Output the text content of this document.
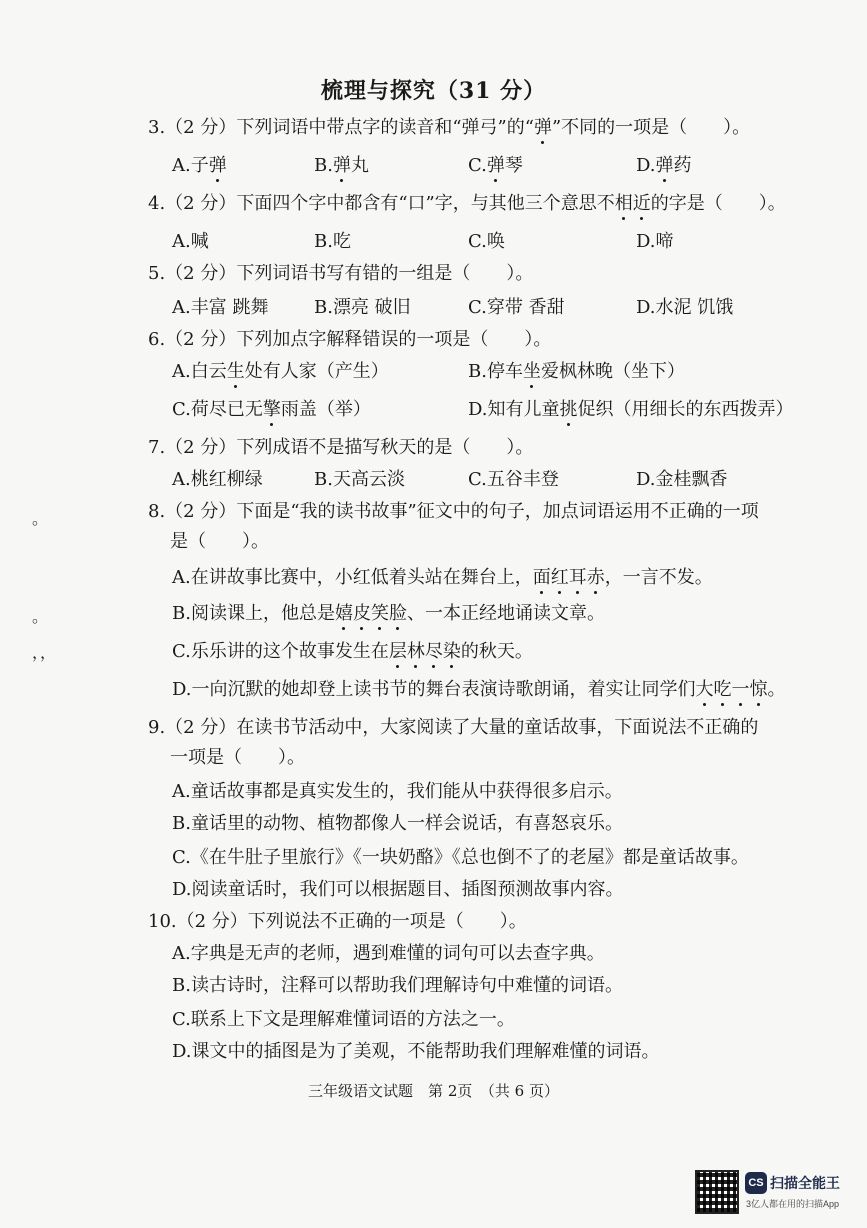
梳理与探究（31 分）
3.（2 分）下列词语中带点字的读音和“弹弓”的“弹”不同的一项是（　　）。
A.子弹	B.弹丸	C.弹琴	D.弹药
4.（2 分）下面四个字中都含有“口”字，与其他三个意思不相近的字是（　　）。
A.喊	B.吃	C.唤	D.啼
5.（2 分）下列词语书写有错的一组是（　　）。
A.丰富 跳舞	B.漂亮 破旧	C.穿带 香甜	D.水泥 饥饿
6.（2 分）下列加点字解释错误的一项是（　　）。
A.白云生处有人家（产生）	B.停车坐爱枫林晚（坐下）
C.荷尽已无擎雨盖（举）	D.知有儿童挑促织（用细长的东西拨弄）
7.（2 分）下列成语不是描写秋天的是（　　）。
A.桃红柳绿	B.天高云淡	C.五谷丰登	D.金桂飘香
。	8.（2 分）下面是“我的读书故事”征文中的句子，加点词语运用不正确的一项
是（　　）。
A.在讲故事比赛中，小红低着头站在舞台上，面红耳赤，一言不发。
。	B.阅读课上，他总是嬉皮笑脸、一本正经地诵读文章。
，，	C.乐乐讲的这个故事发生在层林尽染的秋天。
D.一向沉默的她却登上读书节的舞台表演诗歌朗诵，着实让同学们大吃一惊。
9.（2 分）在读书节活动中，大家阅读了大量的童话故事，下面说法不正确的
一项是（　　）。
A.童话故事都是真实发生的，我们能从中获得很多启示。
B.童话里的动物、植物都像人一样会说话，有喜怒哀乐。
C.《在牛肚子里旅行》《一块奶酪》《总也倒不了的老屋》都是童话故事。
D.阅读童话时，我们可以根据题目、插图预测故事内容。
10.（2 分）下列说法不正确的一项是（　　）。
A.字典是无声的老师，遇到难懂的词句可以去查字典。
B.读古诗时，注释可以帮助我们理解诗句中难懂的词语。
C.联系上下文是理解难懂词语的方法之一。
D.课文中的插图是为了美观，不能帮助我们理解难懂的词语。
三年级语文试题　第 2页　（共 6 页）
CS 扫描全能王
3亿人都在用的扫描App
